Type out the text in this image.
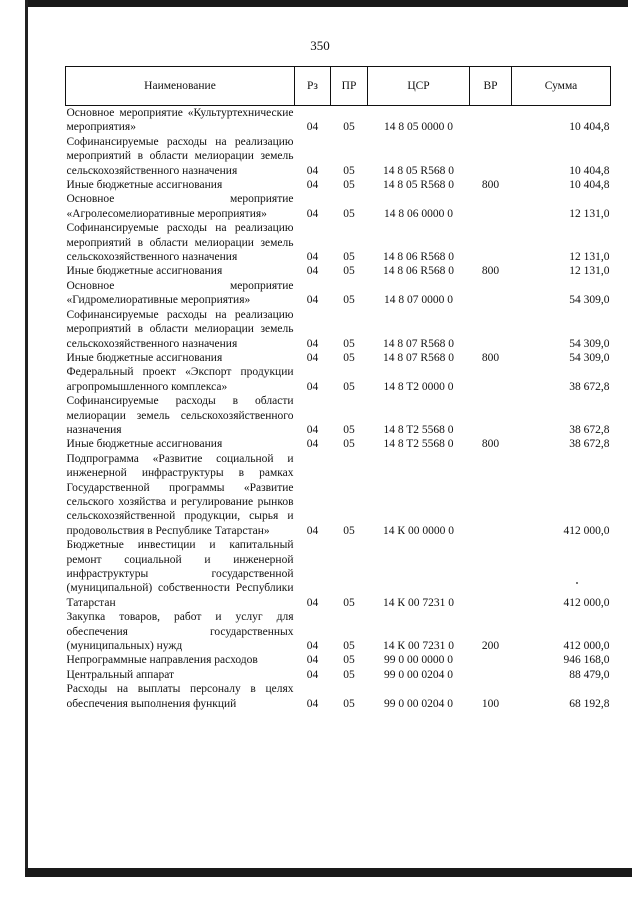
350
Наименование	Рз	ПР	ЦСР	ВР	Сумма
Основное мероприятие «Культуртехнические мероприятия»	04	05	14 8 05 0000 0		10 404,8
Софинансируемые расходы на реализацию мероприятий в области мелиорации земель сельскохозяйственного назначения	04	05	14 8 05 R568 0		10 404,8
Иные бюджетные ассигнования	04	05	14 8 05 R568 0	800	10 404,8
Основное мероприятие «Агролесомелиоративные мероприятия»	04	05	14 8 06 0000 0		12 131,0
Софинансируемые расходы на реализацию мероприятий в области мелиорации земель сельскохозяйственного назначения	04	05	14 8 06 R568 0		12 131,0
Иные бюджетные ассигнования	04	05	14 8 06 R568 0	800	12 131,0
Основное мероприятие «Гидромелиоративные мероприятия»	04	05	14 8 07 0000 0		54 309,0
Софинансируемые расходы на реализацию мероприятий в области мелиорации земель сельскохозяйственного назначения	04	05	14 8 07 R568 0		54 309,0
Иные бюджетные ассигнования	04	05	14 8 07 R568 0	800	54 309,0
Федеральный проект «Экспорт продукции агропромышленного комплекса»	04	05	14 8 T2 0000 0		38 672,8
Софинансируемые расходы в области мелиорации земель сельскохозяйственного назначения	04	05	14 8 T2 5568 0		38 672,8
Иные бюджетные ассигнования	04	05	14 8 T2 5568 0	800	38 672,8
Подпрограмма «Развитие социальной и инженерной инфраструктуры в рамках Государственной программы «Развитие сельского хозяйства и регулирование рынков сельскохозяйственной продукции, сырья и продовольствия в Республике Татарстан»	04	05	14 К 00 0000 0		412 000,0
Бюджетные инвестиции и капитальный ремонт социальной и инженерной инфраструктуры государственной (муниципальной) собственности Республики Татарстан	04	05	14 К 00 7231 0		412 000,0
Закупка товаров, работ и услуг для обеспечения государственных (муниципальных) нужд	04	05	14 К 00 7231 0	200	412 000,0
Непрограммные направления расходов	04	05	99 0 00 0000 0		946 168,0
Центральный аппарат	04	05	99 0 00 0204 0		88 479,0
Расходы на выплаты персоналу в целях обеспечения выполнения функций	04	05	99 0 00 0204 0	100	68 192,8
